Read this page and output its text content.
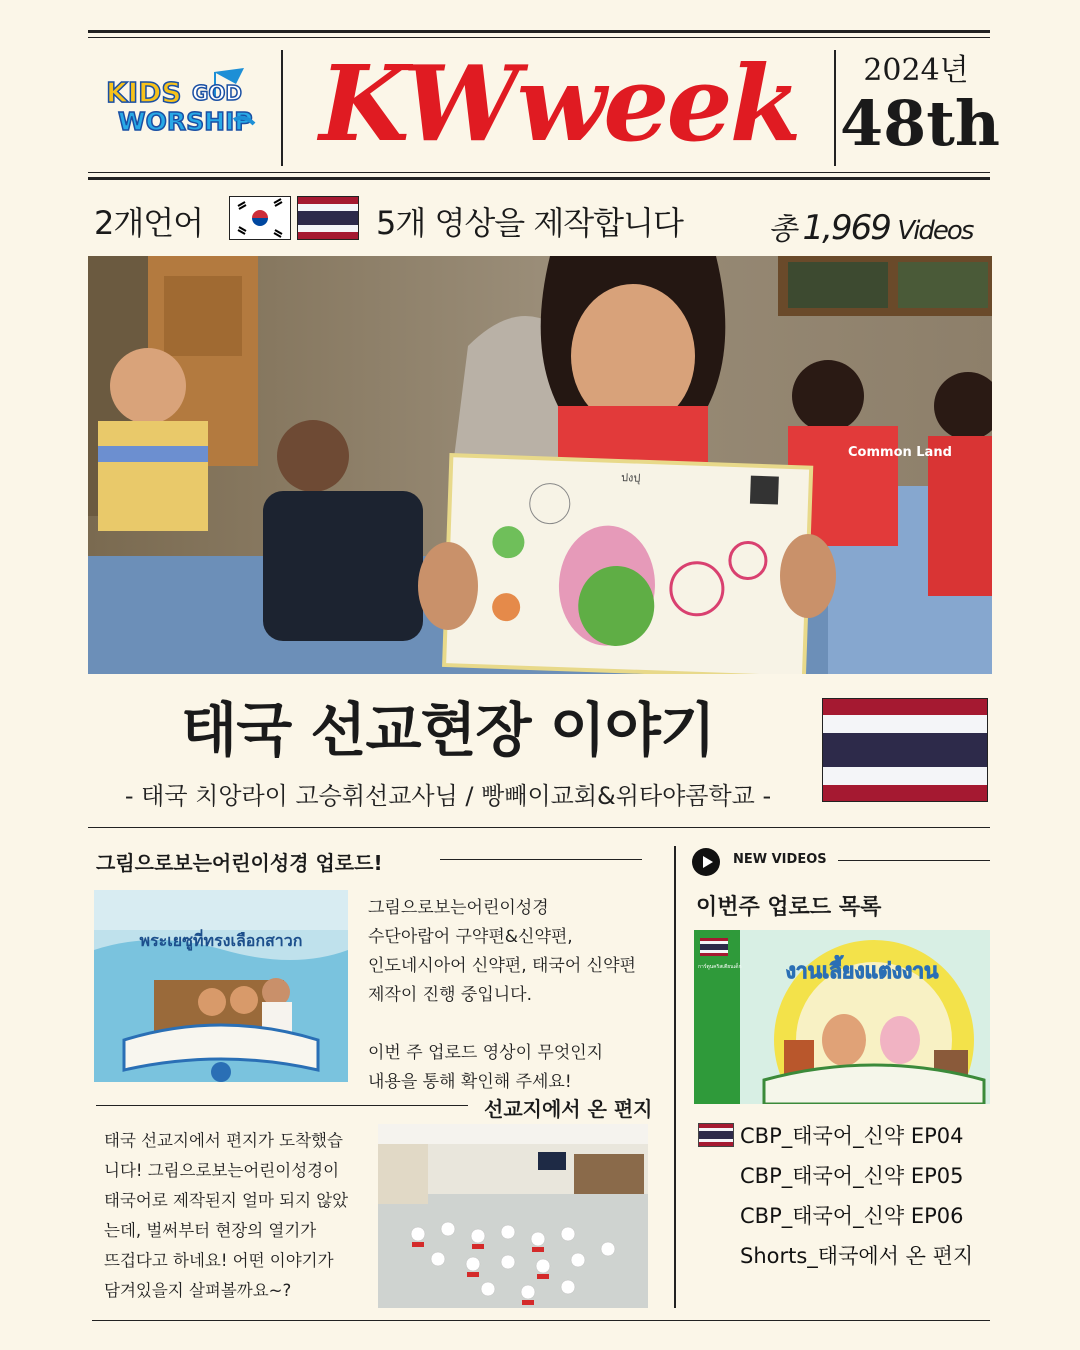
KIDS GOD
WORSHIP KWweek	2024년
48th
2개언어	5개 영상을 제작합니다	총 1,969 Videos
ปงปุ
Common Land
태국 선교현장 이야기
- 태국 치앙라이 고승휘선교사님 / 빵빼이교회&위타야콤학교 -
그림으로보는어린이성경 업로드!
พระเยซูที่ทรงเลือกสาวก
그림으로보는어린이성경
수단아랍어 구약편&신약편,
인도네시아어 신약편, 태국어 신약편
제작이 진행 중입니다.
이번 주 업로드 영상이 무엇인지
내용을 통해 확인해 주세요!
선교지에서 온 편지
태국 선교지에서 편지가 도착했습
니다! 그림으로보는어린이성경이
태국어로 제작된지 얼마 되지 않았
는데, 벌써부터 현장의 열기가
뜨겁다고 하네요! 어떤 이야기가
담겨있을지 살펴볼까요~?
NEW VIDEOS
이번주 업로드 목록
งานเลี้ยงแต่งงาน
การ์ตูนคริสเตียนเด็ก
CBP_태국어_신약 EP04
CBP_태국어_신약 EP05
CBP_태국어_신약 EP06
Shorts_태국에서 온 편지
